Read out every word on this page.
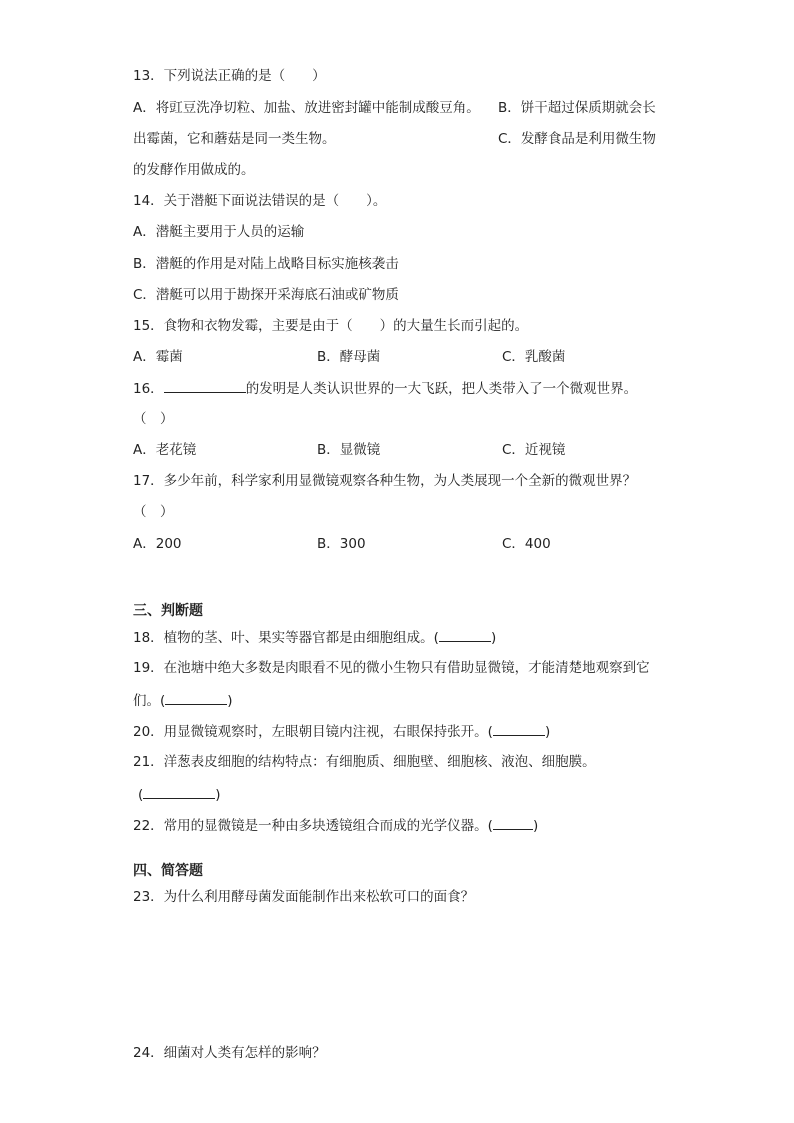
13．下列说法正确的是（　　）
A．将豇豆洗净切粒、加盐、放进密封罐中能制成酸豆角。 B．饼干超过保质期就会长
出霉菌，它和蘑菇是同一类生物。	C．发酵食品是利用微生物
的发酵作用做成的。
14．关于潜艇下面说法错误的是（　　）。
A．潜艇主要用于人员的运输
B．潜艇的作用是对陆上战略目标实施核袭击
C．潜艇可以用于勘探开采海底石油或矿物质
15．食物和衣物发霉，主要是由于（　　）的大量生长而引起的。
A．霉菌	B．酵母菌	C．乳酸菌
16．	的发明是人类认识世界的一大飞跃，把人类带入了一个微观世界。
（　）
A．老花镜	B．显微镜	C．近视镜
17．多少年前，科学家利用显微镜观察各种生物，为人类展现一个全新的微观世界？
（　）
A．200	B．300	C．400
三、判断题
18．植物的茎、叶、果实等器官都是由细胞组成。(	)
19．在池塘中绝大多数是肉眼看不见的微小生物只有借助显微镜，才能清楚地观察到它
们。(	)
20．用显微镜观察时，左眼朝目镜内注视，右眼保持张开。(	)
21．洋葱表皮细胞的结构特点：有细胞质、细胞壁、细胞核、液泡、细胞膜。
(	)
22．常用的显微镜是一种由多块透镜组合而成的光学仪器。(	)
四、简答题
23．为什么利用酵母菌发面能制作出来松软可口的面食？
24．细菌对人类有怎样的影响？
